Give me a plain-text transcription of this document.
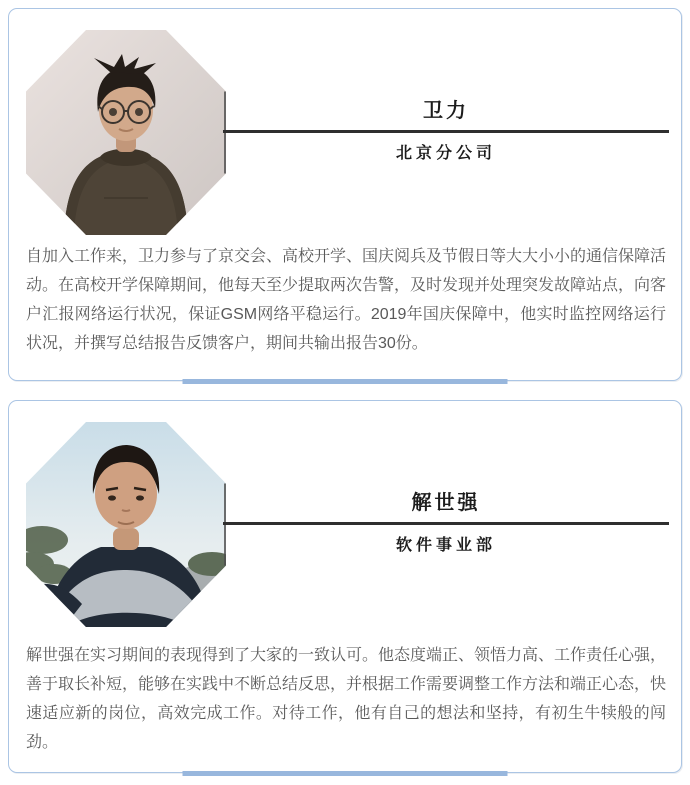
卫力
北京分公司

自加入工作来，卫力参与了京交会、高校开学、国庆阅兵及节假日等大大小小的通信保障活动。在高校开学保障期间，他每天至少提取两次告警，及时发现并处理突发故障站点，向客户汇报网络运行状况，保证GSM网络平稳运行。2019年国庆保障中，他实时监控网络运行状况，并撰写总结报告反馈客户，期间共输出报告30份。

解世强
软件事业部

解世强在实习期间的表现得到了大家的一致认可。他态度端正、领悟力高、工作责任心强，善于取长补短，能够在实践中不断总结反思，并根据工作需要调整工作方法和端正心态，快速适应新的岗位，高效完成工作。对待工作，他有自己的想法和坚持，有初生牛犊般的闯劲。
